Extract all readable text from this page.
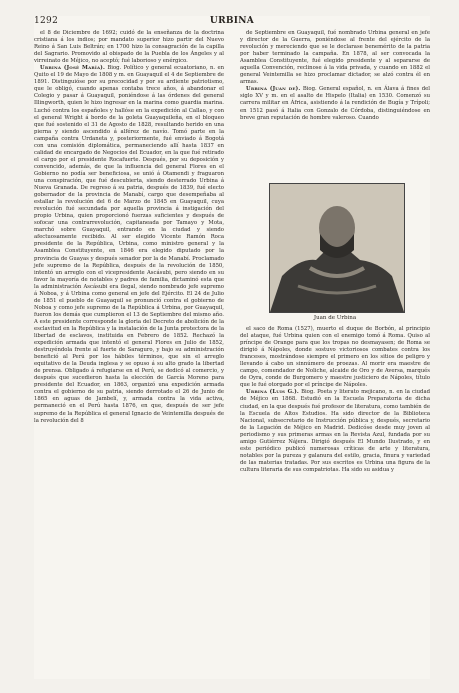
1292	URBINA

el 8 de Diciembre de 1692; cuidó de la enseñanza de la doctrina cristiana á los indios; por mandato superior hizo partir del Nuevo Reino á San Luis Beltrán; en 1700 hizo la consagración de la capilla del Sagrario. Promovido al obispado de la Puebla de los Ángeles y al virreinato de Méjico, no aceptó; fué laborioso y enérgico.

Urbina (José María). Biog. Político y general ecuatoriano, n. en Quito el 19 de Mayo de 1808 y m. en Guayaquil el 4 de Septiembre de 1891. Distinguióse por su precocidad y por su ardiente patriotismo, que le obligó, cuando apenas contaba trece años, á abandonar el Colegio y pasar á Guayaquil, poniéndose á las órdenes del general Illingworth, quien le hizo ingresar en la marina como guardia marina. Luchó contra los españoles y hallóse en la expedición al Callao, y con el general Wright á bordo de la goleta Guayaquileña, en el bloqueo que fué sostenido el 31 de Agosto de 1828, resultando herido en una pierna y siendo ascendido á alférez de navío. Tomó parte en la campaña contra Urdaneta y, posteriormente, fué enviado á Bogotá con una comisión diplomática, permaneciendo allí hasta 1837 en calidad de encargado de Negocios del Ecuador, en la que fué retirado el cargo por el presidente Rocafuerte. Después, por su deposición y convencido, además, de que la influencia del general Flores en el Gobierno no podía ser beneficiosa, se unió á Otamendi y fraguaron una conspiración, que fué descubierta, siendo desterrado Urbina á Nueva Granada. De regreso á su patria, después de 1839, fué electo gobernador de la provincia de Manabí, cargo que desempeñaba al estallar la revolución del 6 de Marzo de 1845 en Guayaquil, cuya revolución fué secundada por aquella provincia á instigación del propio Urbina, quien proporcionó fuerzas suficientes y después de sofocar una contrarrevolución, capitaneada por Tamayo y Mota, marchó sobre Guayaquil, entrando en la ciudad y siendo afectuosamente recibido. Al ser elegido Vicente Ramón Roca presidente de la República, Urbina, como ministro general y la Asamblea Constituyente, en 1846 era elegido diputado por la provincia de Guayas y después senador por la de Manabí. Proclamado jefe supremo de la República, después de la revolución de 1850, intentó un arreglo con el vicepresidente Ascásubi, pero siendo en su favor la mayoría de notables y padres de familia, dictaminó esta que la administración Ascásubi era ilegal, siendo nombrado jefe supremo á Noboa, y á Urbina como general en jefe del Ejército. El 24 de Julio de 1851 el pueblo de Guayaquil se pronunció contra el gobierno de Noboa y como jefe supremo de la República á Urbina, por Guayaquil, fueron los demás que cumplieron el 13 de Septiembre del mismo año. A este presidente corresponde la gloria del Decreto de abolición de la esclavitud en la República y la instalación de la Junta protectora de la libertad de esclavos, instituida en Febrero de 1852. Rechazó la expedición armada que intentó el general Flores en Julio de 1852, destruyéndola frente al fuerte de Saraguro, y bajo su administración benefició al Perú por los hábiles términos, que sin el arreglo equitativo de la Deuda inglesa y se opuso á su alto grado la libertad de prensa. Obligado á refugiarse en el Perú, se dedicó al comercio, y después que sucedieron hasta la elección de García Moreno para presidente del Ecuador, en 1863, organizó una expedición armada contra el gobierno de su patria, siendo derrotado el 26 de Junio de 1865 en aguas de Jambelí, y, armada contra la vida activa, permaneció en el Perú hasta 1876, en que, después de ser jefe supremo de la República el general Ignacio de Veintemilla después de la revolución del 8

de Septiembre en Guayaquil, fué nombrado Urbina general en jefe y director de la Guerra, poniéndose al frente del ejército de la revolución y mereciendo que se le declarase benemérito de la patria por haber terminado la campaña. En 1878, al ser convocada la Asamblea Constituyente, fué elegido presidente y al separarse de aquella Convención, reclinose á la vida privada, y cuando en 1882 el general Veintemilla se hizo proclamar dictador, se alzó contra él en armas.

Urbina (Juan de). Biog. General español, n. en Álava á fines del siglo XV y m. en el asalto de Hispelo (Italia) en 1530. Comenzó su carrera militar en África, asistiendo á la rendición de Bugía y Trípoli; en 1512 pasó á Italia con Gonzalo de Córdoba, distinguiéndose en breve gran reputación de hombre valeroso. Cuando

Juan de Urbina

el saco de Roma (1527), muerto el duque de Borbón, al principio del ataque, fué Urbina quien con el enemigo tomó á Roma. Quiso al príncipe de Orange para que los tropas no desmayasen; de Roma se dirigió á Nápoles, donde sostuvo victoriosos combates contra los franceses, mostrándose siempre el primero en los sitios de peligro y llevando á cabo un sinnúmero de proezas. Al morir era maestre de campo, comendador de Noliche, alcaide de Oro y de Aversa, marqués de Oyra, conde de Burgomero y maestre justiciero de Nápoles, título que le fué otorgado por el príncipe de Nápoles.

Urbina (Luis G.). Biog. Poeta y literato mejicano, n. en la ciudad de Méjico en 1868. Estudió en la Escuela Preparatoria de dicha ciudad, en la que después fué profesor de literatura, como también de la Escuela de Altos Estudios. Ha sido director de la Biblioteca Nacional, subsecretario de Instrucción pública y, después, secretario de la Legación de Méjico en Madrid. Dedicóse desde muy joven al periodismo y sus primeras armas en la Revista Azul, fundada por su amigo Gutiérrez Nájera. Dirigió después El Mundo Ilustrado, y en este periódico publicó numerosas críticas de arte y literatura, notables por la pureza y galanura del estilo, gracia, finura y variedad de las materias tratadas. Por sus escritos es Urbina una figura de la cultura literaria de sus compatriotas. Ha sido su asidua y
